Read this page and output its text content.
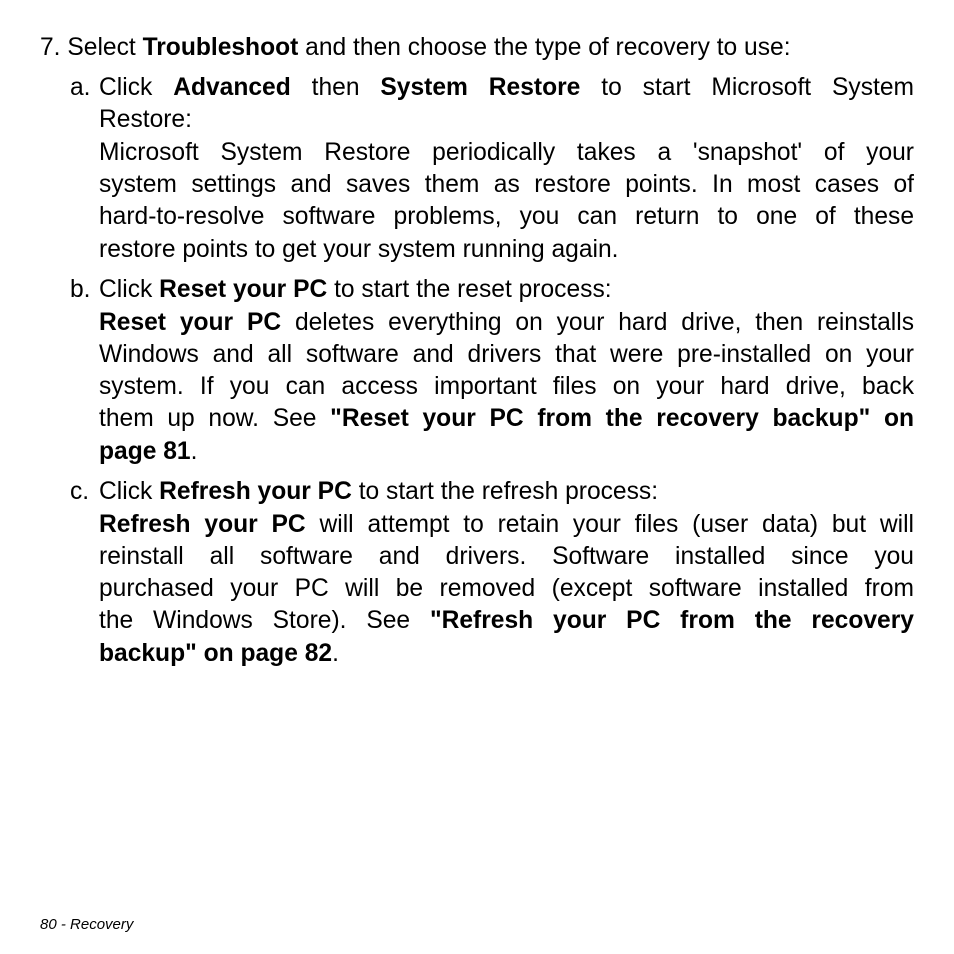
7. Select Troubleshoot and then choose the type of recovery to use:
a. Click Advanced then System Restore to start Microsoft System
Restore:
Microsoft System Restore periodically takes a 'snapshot' of your
system settings and saves them as restore points. In most cases of
hard-to-resolve software problems, you can return to one of these
restore points to get your system running again.
b. Click Reset your PC to start the reset process:
Reset your PC deletes everything on your hard drive, then reinstalls
Windows and all software and drivers that were pre-installed on your
system. If you can access important files on your hard drive, back
them up now. See "Reset your PC from the recovery backup" on
page 81.
c. Click Refresh your PC to start the refresh process:
Refresh your PC will attempt to retain your files (user data) but will
reinstall all software and drivers. Software installed since you
purchased your PC will be removed (except software installed from
the Windows Store). See "Refresh your PC from the recovery
backup" on page 82.
80 - Recovery
